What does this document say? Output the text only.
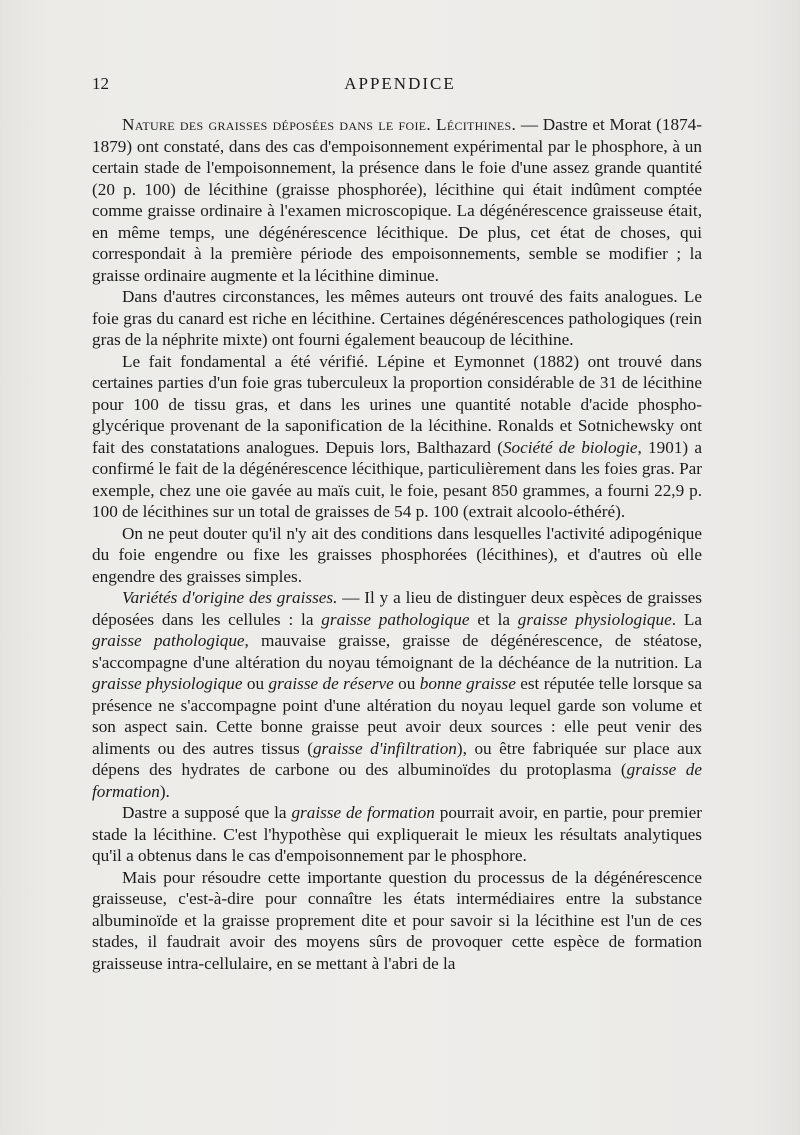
12	APPENDICE

Nature des graisses déposées dans le foie. Lécithines. — Dastre et Morat (1874-1879) ont constaté, dans des cas d'empoisonnement expérimental par le phosphore, à un certain stade de l'empoisonnement, la présence dans le foie d'une assez grande quantité (20 p. 100) de lécithine (graisse phosphorée), lécithine qui était indûment comptée comme graisse ordinaire à l'examen microscopique. La dégénérescence graisseuse était, en même temps, une dégénérescence lécithique. De plus, cet état de choses, qui correspondait à la première période des empoisonnements, semble se modifier ; la graisse ordinaire augmente et la lécithine diminue.

Dans d'autres circonstances, les mêmes auteurs ont trouvé des faits analogues. Le foie gras du canard est riche en lécithine. Certaines dégénérescences pathologiques (rein gras de la néphrite mixte) ont fourni également beaucoup de lécithine.

Le fait fondamental a été vérifié. Lépine et Eymonnet (1882) ont trouvé dans certaines parties d'un foie gras tuberculeux la proportion considérable de 31 de lécithine pour 100 de tissu gras, et dans les urines une quantité notable d'acide phospho-glycérique provenant de la saponification de la lécithine. Ronalds et Sotnichewsky ont fait des constatations analogues. Depuis lors, Balthazard (Société de biologie, 1901) a confirmé le fait de la dégénérescence lécithique, particulièrement dans les foies gras. Par exemple, chez une oie gavée au maïs cuit, le foie, pesant 850 grammes, a fourni 22,9 p. 100 de lécithines sur un total de graisses de 54 p. 100 (extrait alcoolo-éthéré).

On ne peut douter qu'il n'y ait des conditions dans lesquelles l'activité adipogénique du foie engendre ou fixe les graisses phosphorées (lécithines), et d'autres où elle engendre des graisses simples.

Variétés d'origine des graisses. — Il y a lieu de distinguer deux espèces de graisses déposées dans les cellules : la graisse pathologique et la graisse physiologique. La graisse pathologique, mauvaise graisse, graisse de dégénérescence, de stéatose, s'accompagne d'une altération du noyau témoignant de la déchéance de la nutrition. La graisse physiologique ou graisse de réserve ou bonne graisse est réputée telle lorsque sa présence ne s'accompagne point d'une altération du noyau lequel garde son volume et son aspect sain. Cette bonne graisse peut avoir deux sources : elle peut venir des aliments ou des autres tissus (graisse d'infiltration), ou être fabriquée sur place aux dépens des hydrates de carbone ou des albuminoïdes du protoplasma (graisse de formation).

Dastre a supposé que la graisse de formation pourrait avoir, en partie, pour premier stade la lécithine. C'est l'hypothèse qui expliquerait le mieux les résultats analytiques qu'il a obtenus dans le cas d'empoisonnement par le phosphore.

Mais pour résoudre cette importante question du processus de la dégénérescence graisseuse, c'est-à-dire pour connaître les états intermédiaires entre la substance albuminoïde et la graisse proprement dite et pour savoir si la lécithine est l'un de ces stades, il faudrait avoir des moyens sûrs de provoquer cette espèce de formation graisseuse intra-cellulaire, en se mettant à l'abri de la
